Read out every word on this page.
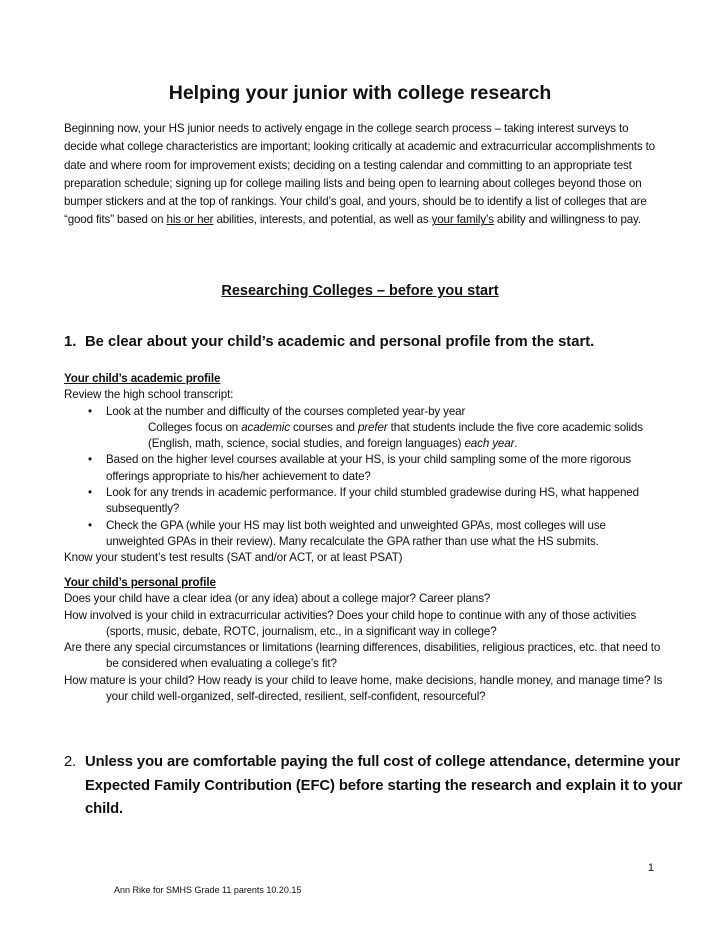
Helping your junior with college research

Beginning now, your HS junior needs to actively engage in the college search process – taking interest surveys to decide what college characteristics are important; looking critically at academic and extracurricular accomplishments to date and where room for improvement exists; deciding on a testing calendar and committing to an appropriate test preparation schedule; signing up for college mailing lists and being open to learning about colleges beyond those on bumper stickers and at the top of rankings. Your child’s goal, and yours, should be to identify a list of colleges that are “good fits” based on his or her abilities, interests, and potential, as well as your family’s ability and willingness to pay.

Researching Colleges – before you start
1. Be clear about your child’s academic and personal profile from the start.

Your child’s academic profile

Review the high school transcript:

• Look at the number and difficulty of the courses completed year-by year

Colleges focus on academic courses and prefer that students include the five core academic solids (English, math, science, social studies, and foreign languages) each year.

• Based on the higher level courses available at your HS, is your child sampling some of the more rigorous offerings appropriate to his/her achievement to date?

• Look for any trends in academic performance. If your child stumbled gradewise during HS, what happened subsequently?

• Check the GPA (while your HS may list both weighted and unweighted GPAs, most colleges will use unweighted GPAs in their review). Many recalculate the GPA rather than use what the HS submits.

Know your student’s test results (SAT and/or ACT, or at least PSAT)

Your child’s personal profile

Does your child have a clear idea (or any idea) about a college major? Career plans?

How involved is your child in extracurricular activities? Does your child hope to continue with any of those activities (sports, music, debate, ROTC, journalism, etc., in a significant way in college?

Are there any special circumstances or limitations (learning differences, disabilities, religious practices, etc. that need to be considered when evaluating a college’s fit?

How mature is your child? How ready is your child to leave home, make decisions, handle money, and manage time? Is your child well-organized, self-directed, resilient, self-confident, resourceful?

2. Unless you are comfortable paying the full cost of college attendance, determine your Expected Family Contribution (EFC) before starting the research and explain it to your child.
1
Ann Rike for SMHS Grade 11 parents 10.20.15
